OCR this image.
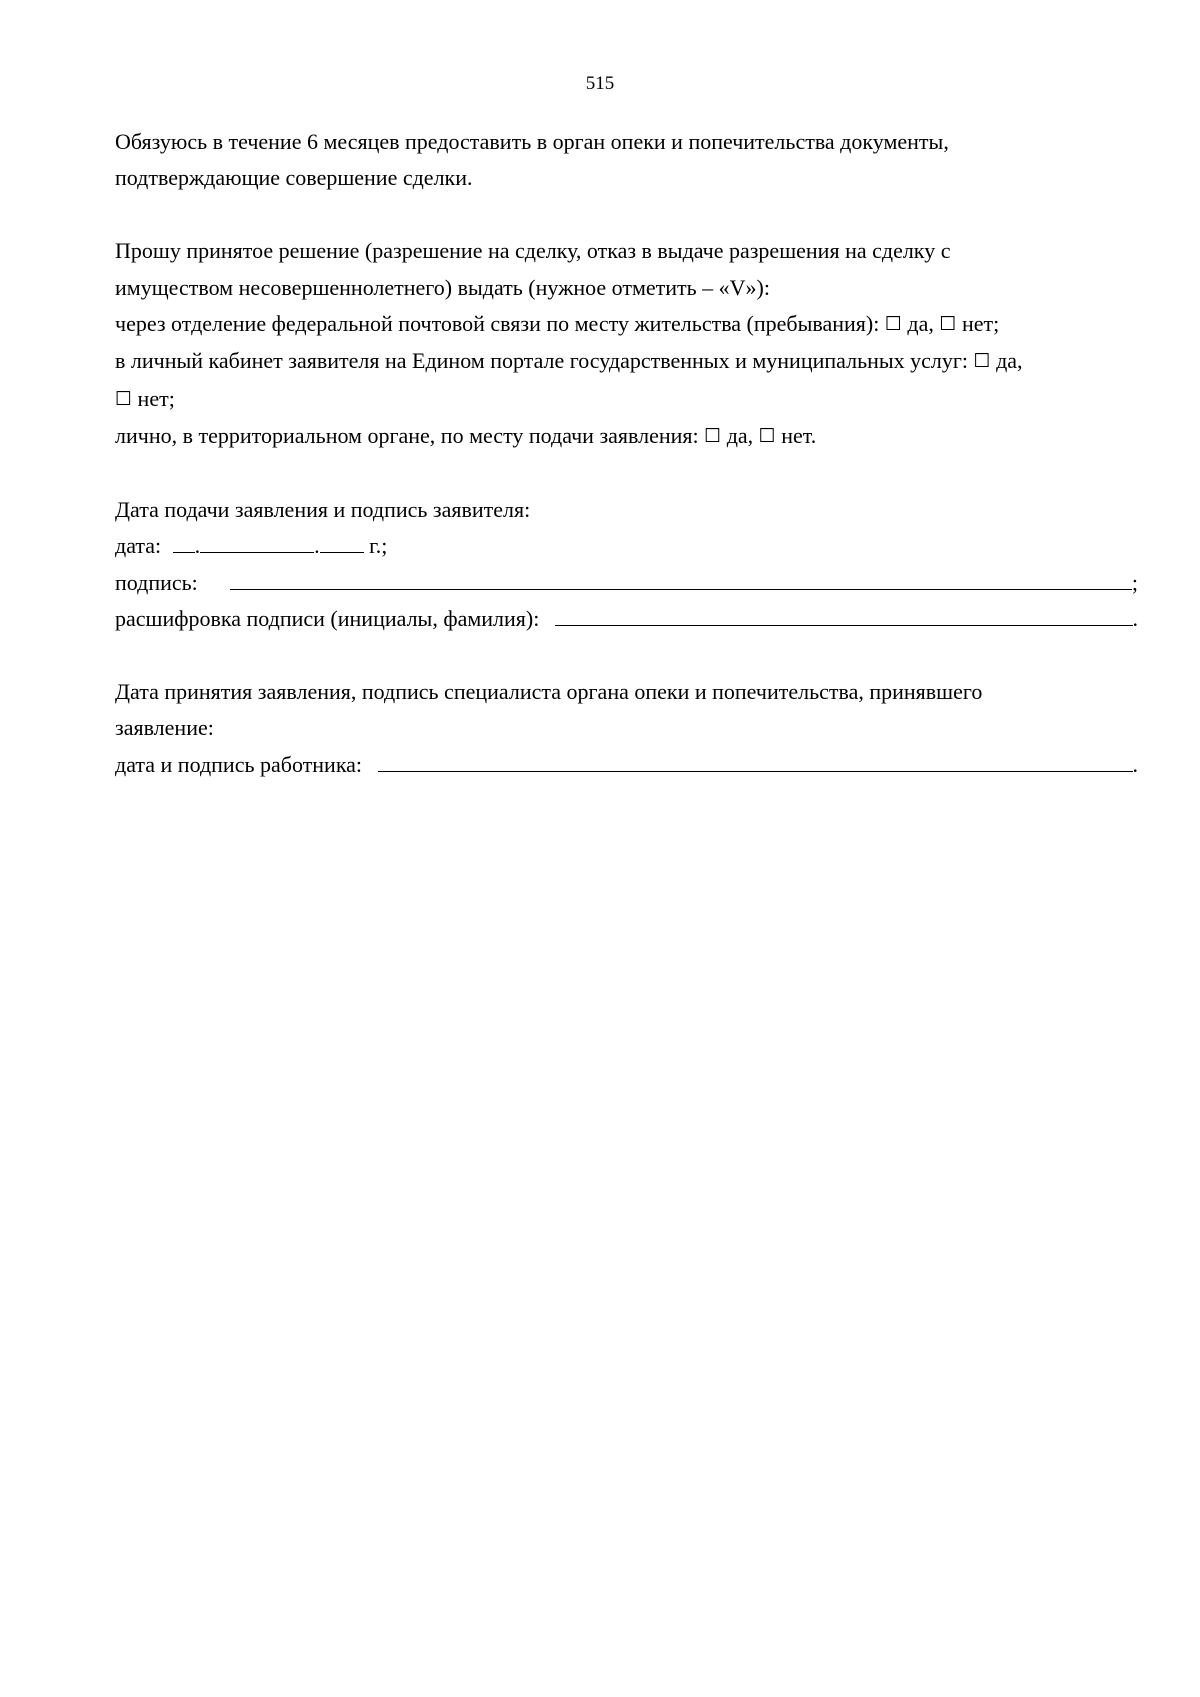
515
Обязуюсь в течение 6 месяцев предоставить в орган опеки и попечительства документы,
подтверждающие совершение сделки.
Прошу принятое решение (разрешение на сделку, отказ в выдаче разрешения на сделку с
имуществом несовершеннолетнего) выдать (нужное отметить – «V»):
через отделение федеральной почтовой связи по месту жительства (пребывания): ☐ да, ☐ нет;
в личный кабинет заявителя на Едином портале государственных и муниципальных услуг: ☐ да,
☐ нет;
лично, в территориальном органе, по месту подачи заявления: ☐ да, ☐ нет.
Дата подачи заявления и подпись заявителя:
дата: .	. г.;
подпись:	;
расшифровка подписи (инициалы, фамилия):	.
Дата принятия заявления, подпись специалиста органа опеки и попечительства, принявшего
заявление:
дата и подпись работника:	.
